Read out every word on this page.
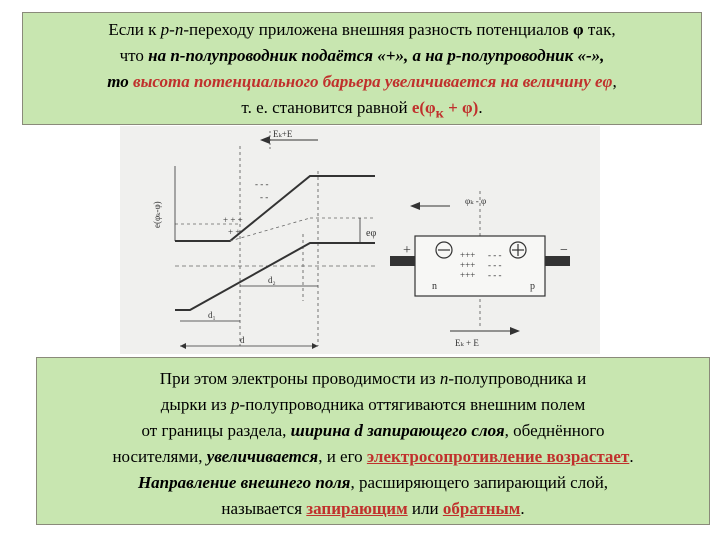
Если к p-n-переходу приложена внешняя разность потенциалов φ так,
что на n-полупроводник подаётся «+», а на p-полупроводник «-»,
то высота потенциального барьера увеличивается на величину eφ,
т. е. становится равной $e(\varphi_к + \varphi)$.
Eₖ+E
- - -
- -
+ + +
+ +
e(φₖ-φ)
eφ
d₂
d₁
d
φₖ - φ
+++
+++
+++
- - -
- - -
- - -
n	p
+	−
Eₖ + E
При этом электроны проводимости из n-полупроводника и
дырки из p-полупроводника оттягиваются внешним полем
от границы раздела, ширина d запирающего слоя, обеднённого
носителями, увеличивается, и его электросопротивление возрастает.
Направление внешнего поля, расширяющего запирающий слой,
называется запирающим или обратным.
